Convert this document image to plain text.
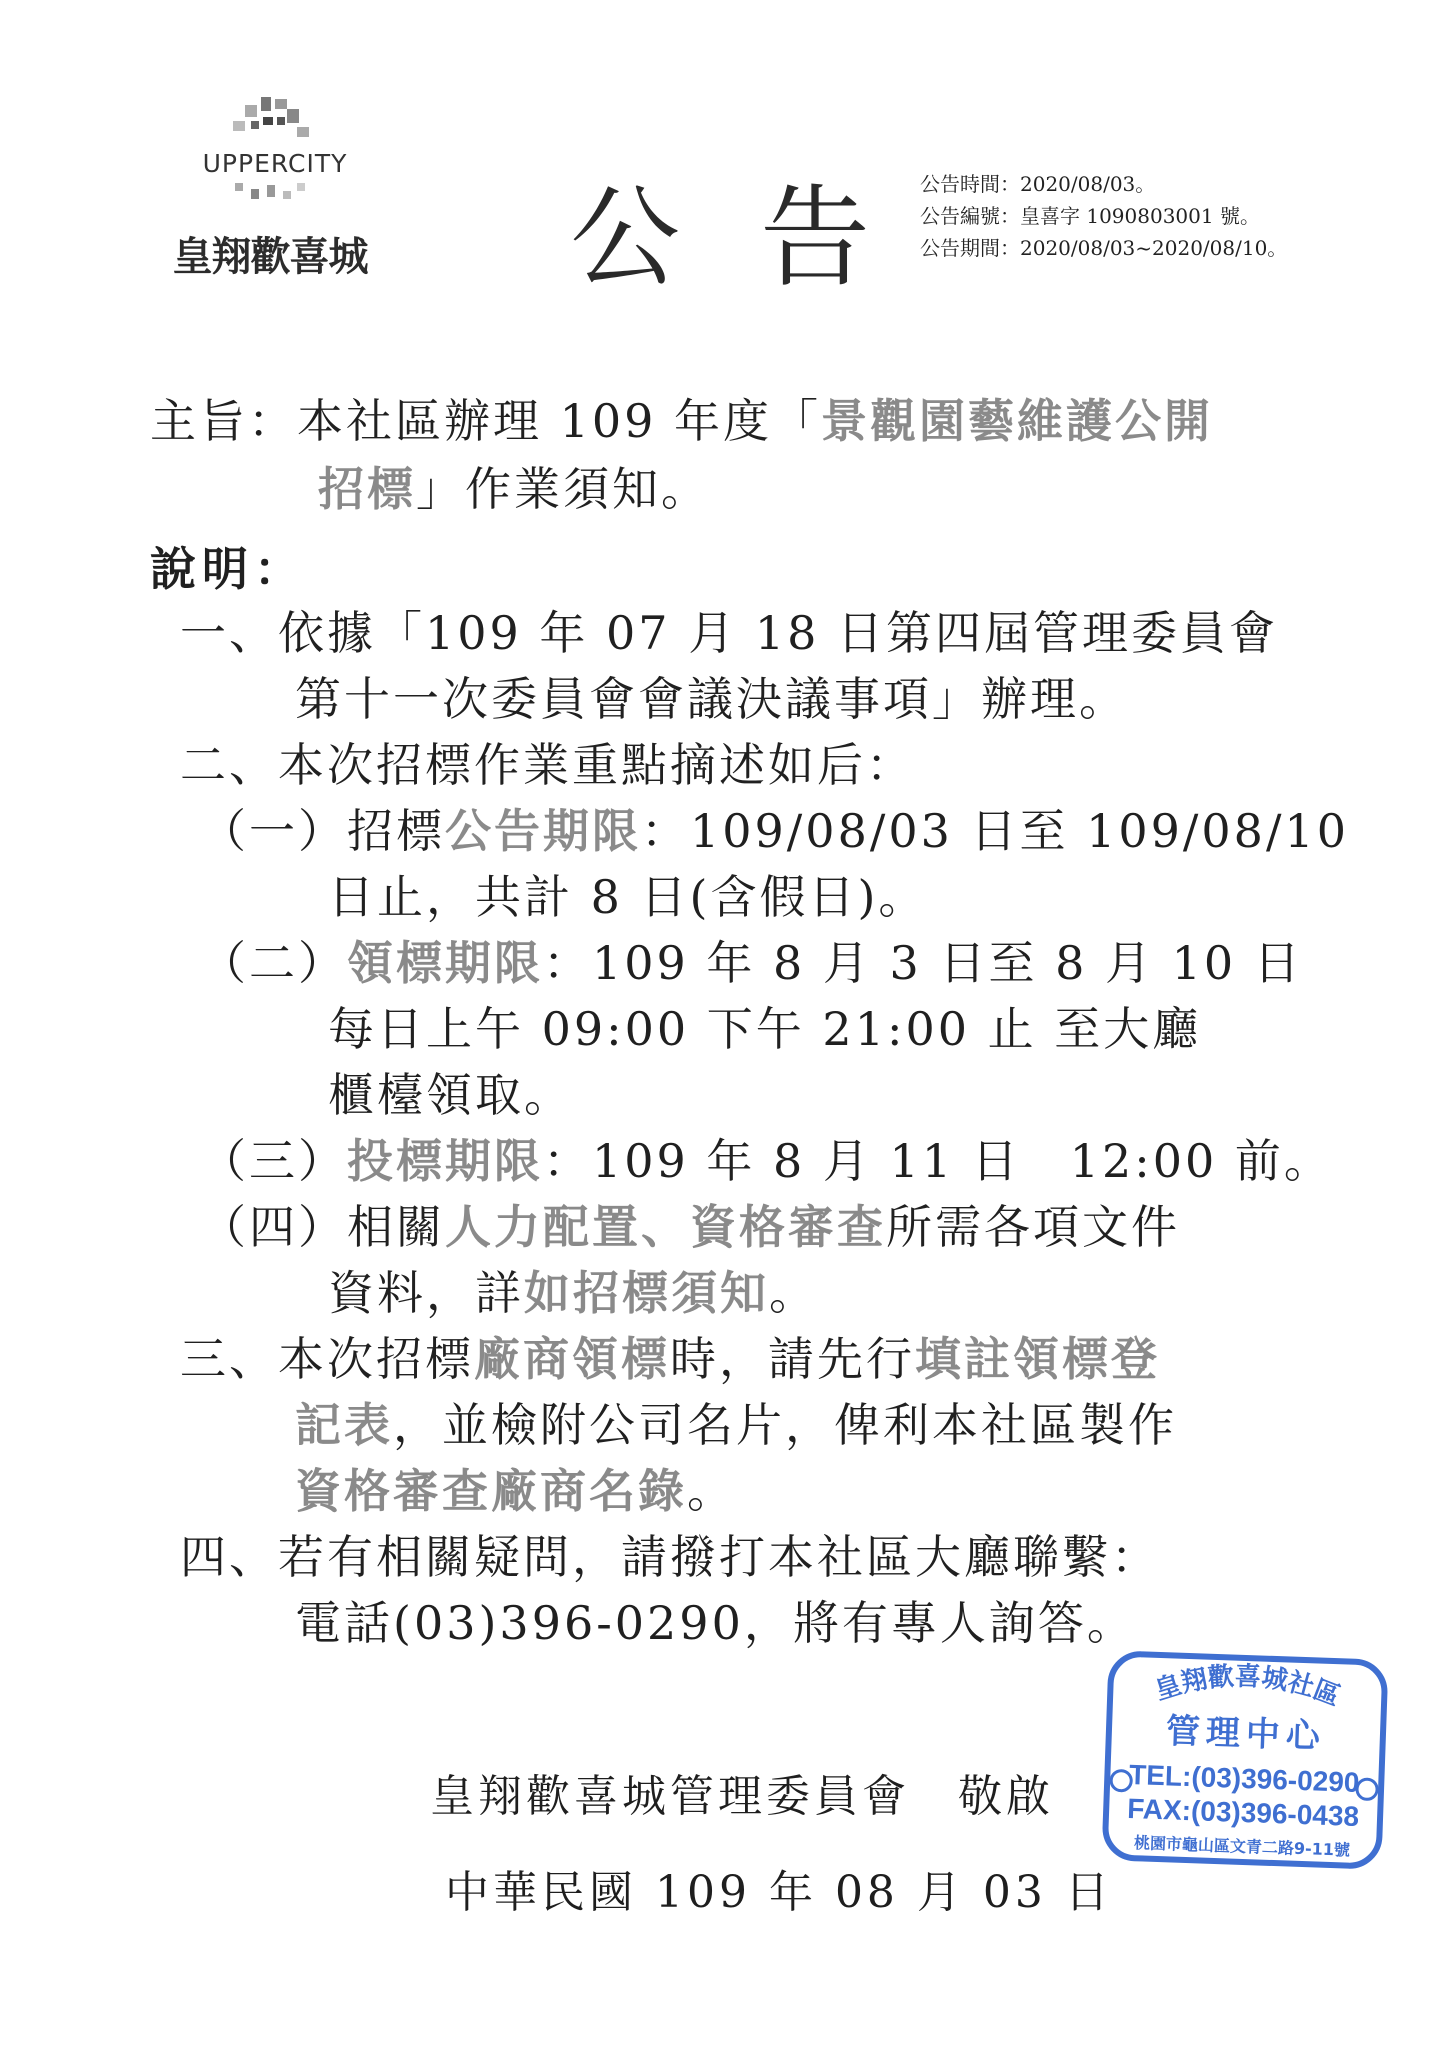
UPPERCITY
皇翔歡喜城 公告
公告時間：2020/08/03。
公告編號：皇喜字 1090803001 號。
公告期間：2020/08/03~2020/08/10。
主旨：本社區辦理 109 年度「景觀園藝維護公開
招標」作業須知。
說明：
一、依據「109 年 07 月 18 日第四屆管理委員會
第十一次委員會會議決議事項」辦理。
二、本次招標作業重點摘述如后：
（一）招標公告期限：109/08/03 日至 109/08/10
日止，共計 8 日(含假日)。
（二）領標期限：109 年 8 月 3 日至 8 月 10 日
每日上午 09:00 下午 21:00 止 至大廳
櫃檯領取。
（三）投標期限：109 年 8 月 11 日　12:00 前。
（四）相關人力配置、資格審查所需各項文件
資料，詳如招標須知。
三、本次招標廠商領標時，請先行填註領標登
記表，並檢附公司名片，俾利本社區製作
資格審查廠商名錄。
四、若有相關疑問，請撥打本社區大廳聯繫：
電話(03)396-0290，將有專人詢答。
皇翔歡喜城管理委員會　敬啟
中華民國 109 年 08 月 03 日
皇翔歡喜城社區
管理中心
TEL:(03)396-0290
FAX:(03)396-0438
桃園市龜山區文青二路9-11號
